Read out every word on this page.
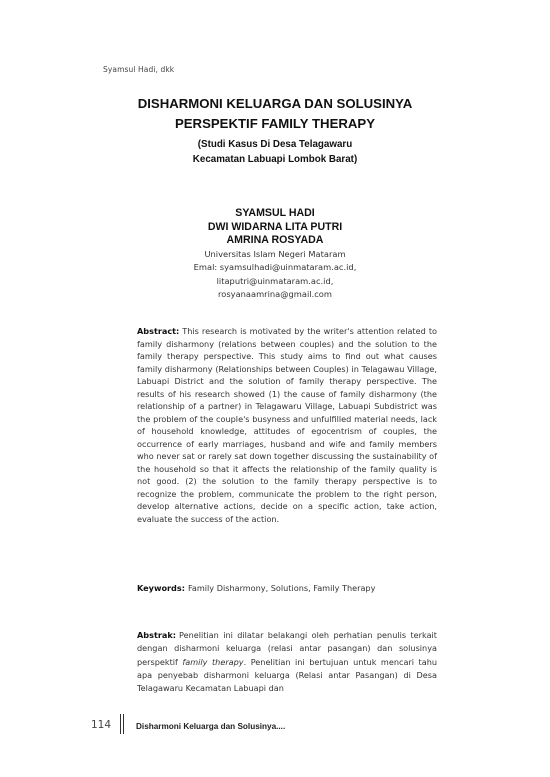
Syamsul Hadi, dkk

DISHARMONI KELUARGA DAN SOLUSINYA

PERSPEKTIF FAMILY THERAPY

(Studi Kasus Di Desa Telagawaru

Kecamatan Labuapi Lombok Barat)

SYAMSUL HADI

DWI WIDARNA LITA PUTRI

AMRINA ROSYADA

Universitas Islam Negeri Mataram

Emal: syamsulhadi@uinmataram.ac.id,

litaputri@uinmataram.ac.id,

rosyanaamrina@gmail.com

Abstract: This research is motivated by the writer's attention related to family disharmony (relations between couples) and the solution to the family therapy perspective. This study aims to find out what causes family disharmony (Relationships between Couples) in Telagawau Village, Labuapi District and the solution of family therapy perspective. The results of his research showed (1) the cause of family disharmony (the relationship of a partner) in Telagawaru Village, Labuapi Subdistrict was the problem of the couple's busyness and unfulfilled material needs, lack of household knowledge, attitudes of egocentrism of couples, the occurrence of early marriages, husband and wife and family members who never sat or rarely sat down together discussing the sustainability of the household so that it affects the relationship of the family quality is not good. (2) the solution to the family therapy perspective is to recognize the problem, communicate the problem to the right person, develop alternative actions, decide on a specific action, take action, evaluate the success of the action.

Keywords: Family Disharmony, Solutions, Family Therapy

Abstrak: Penelitian ini dilatar belakangi oleh perhatian penulis terkait dengan disharmoni keluarga (relasi antar pasangan) dan solusinya perspektif family therapy. Penelitian ini bertujuan untuk mencari tahu apa penyebab disharmoni keluarga (Relasi antar Pasangan) di Desa Telagawaru Kecamatan Labuapi dan

114	Disharmoni Keluarga dan Solusinya....
